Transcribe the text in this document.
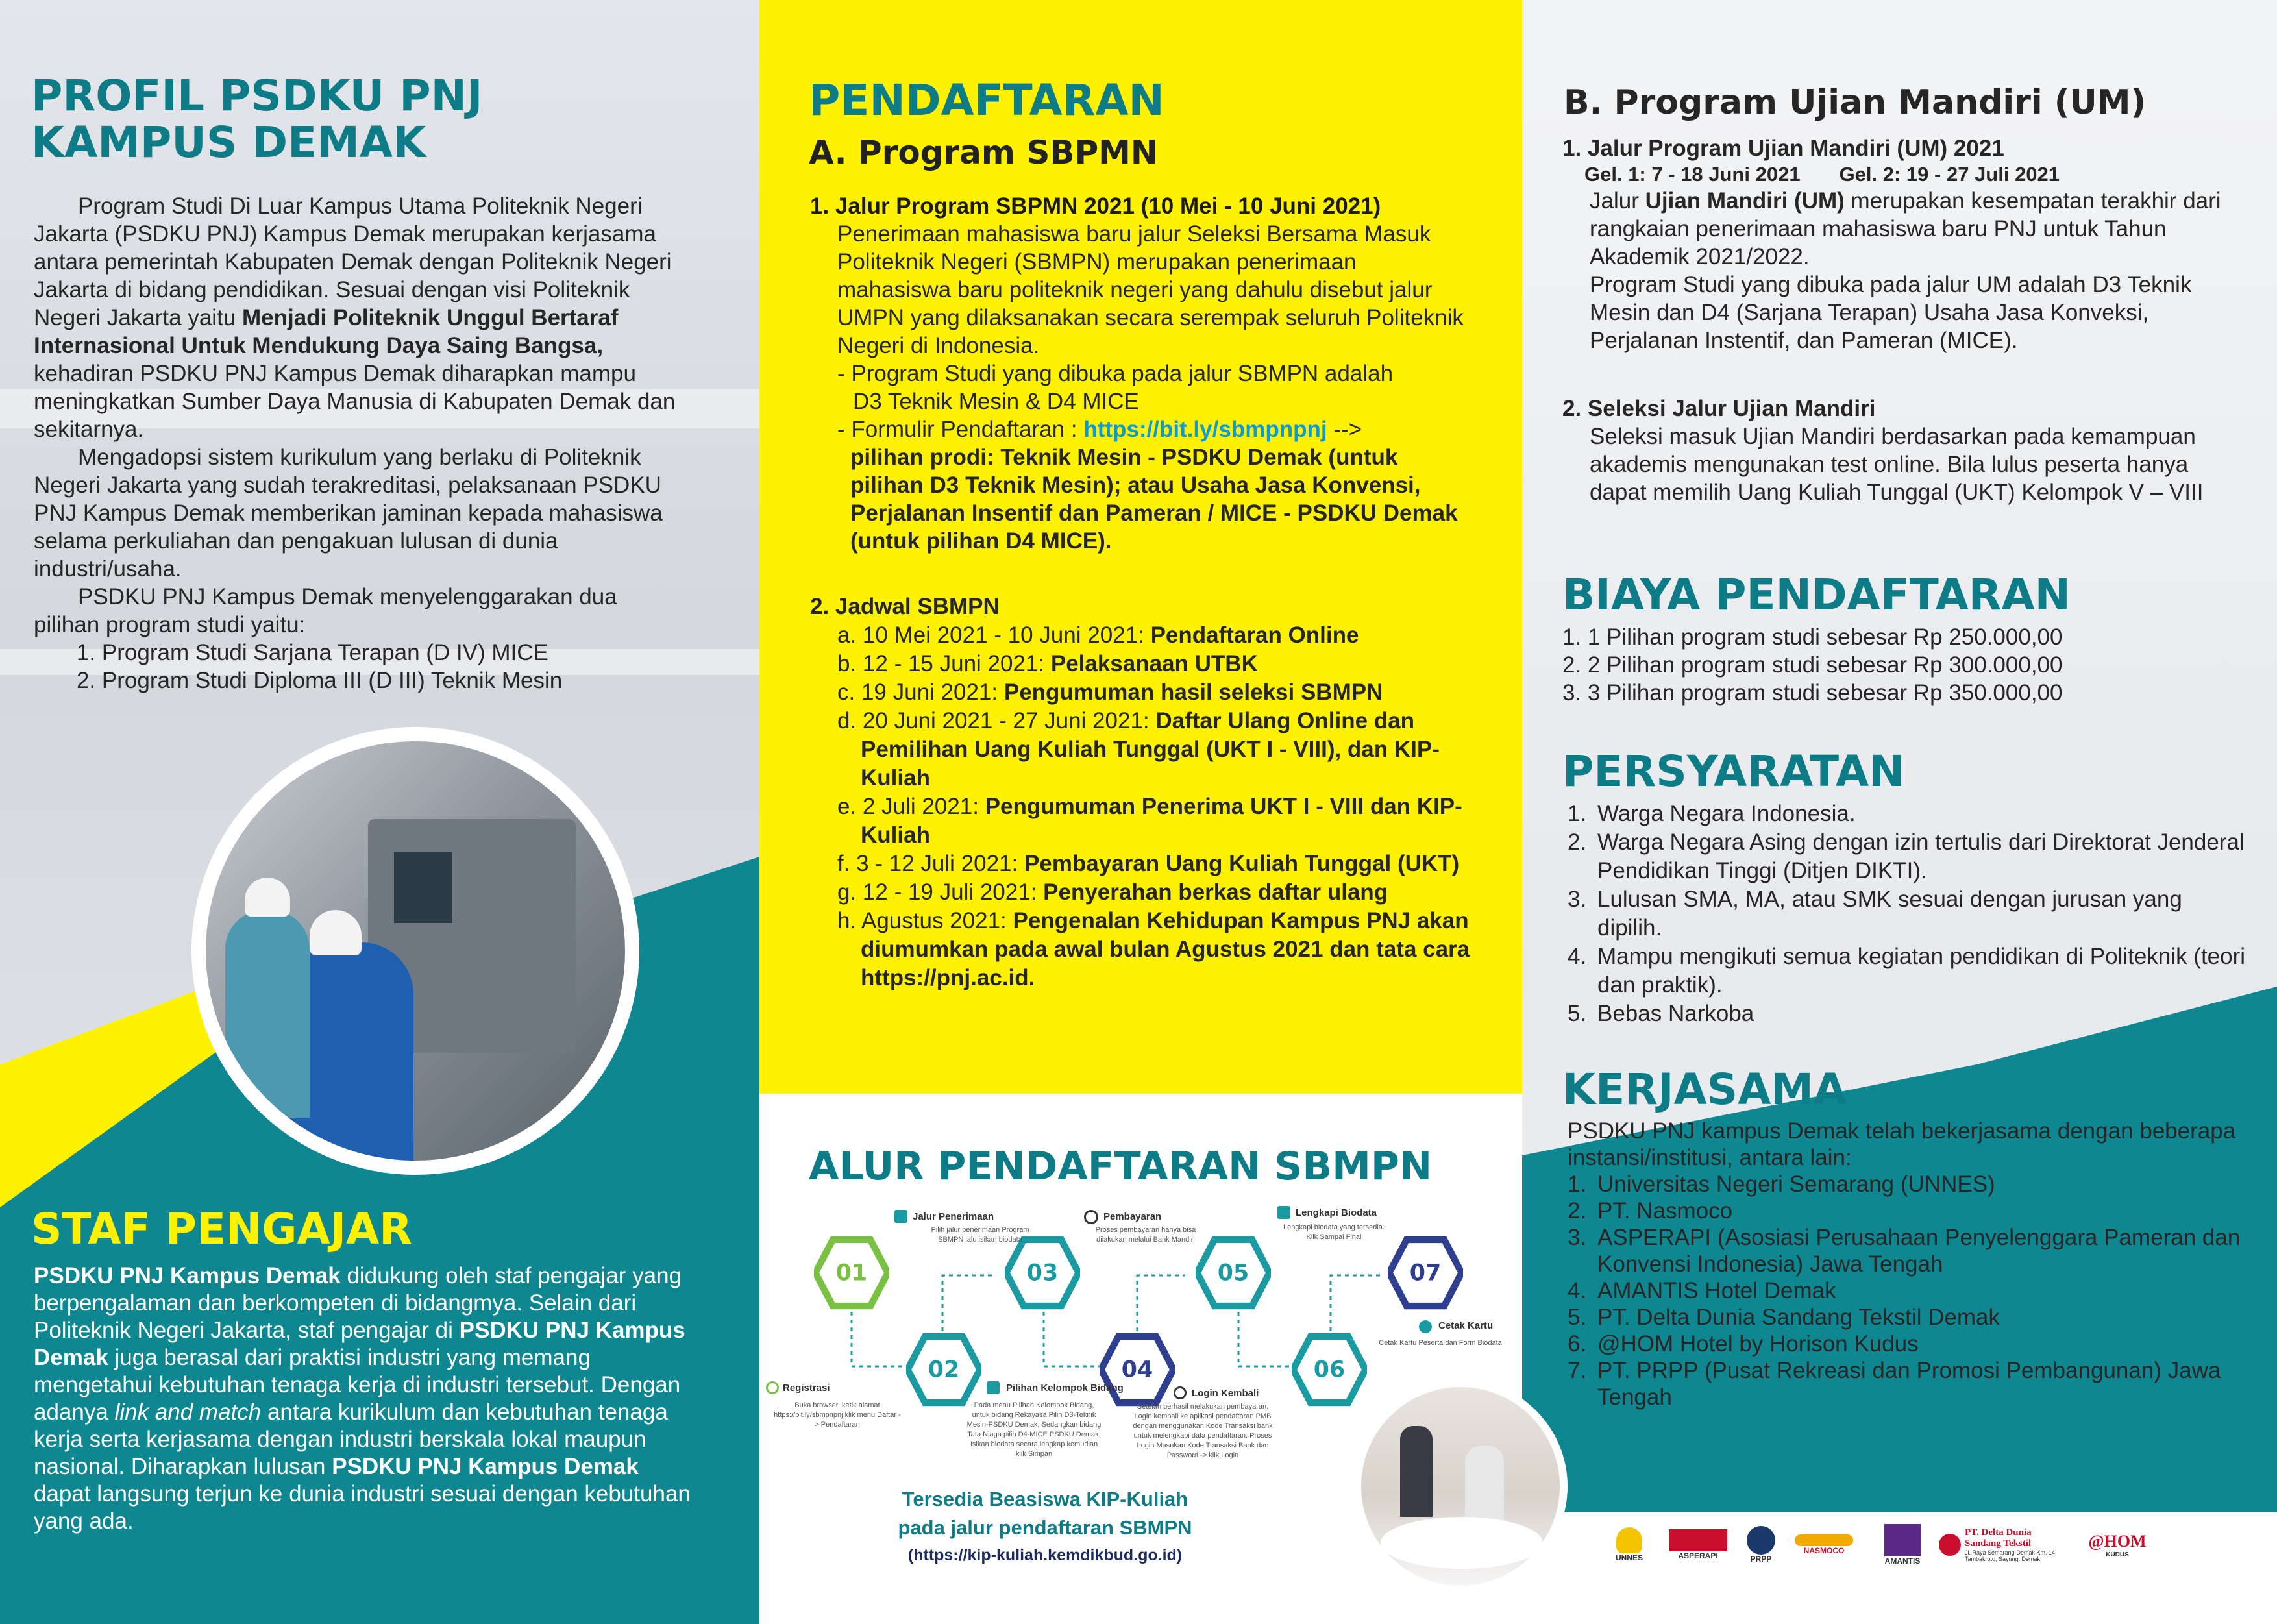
PROFIL PSDKU PNJ
KAMPUS DEMAK

Program Studi Di Luar Kampus Utama Politeknik Negeri Jakarta (PSDKU PNJ) Kampus Demak merupakan kerjasama antara pemerintah Kabupaten Demak dengan Politeknik Negeri Jakarta di bidang pendidikan. Sesuai dengan visi Politeknik Negeri Jakarta yaitu Menjadi Politeknik Unggul Bertaraf Internasional Untuk Mendukung Daya Saing Bangsa, kehadiran PSDKU PNJ Kampus Demak diharapkan mampu meningkatkan Sumber Daya Manusia di Kabupaten Demak dan sekitarnya.

Mengadopsi sistem kurikulum yang berlaku di Politeknik Negeri Jakarta yang sudah terakreditasi, pelaksanaan PSDKU PNJ Kampus Demak memberikan jaminan kepada mahasiswa selama perkuliahan dan pengakuan lulusan di dunia industri/usaha.

PSDKU PNJ Kampus Demak menyelenggarakan dua pilihan program studi yaitu:

1. Program Studi Sarjana Terapan (D IV) MICE

2. Program Studi Diploma III (D III) Teknik Mesin

STAF PENGAJAR
PSDKU PNJ Kampus Demak didukung oleh staf pengajar yang berpengalaman dan berkompeten di bidangmya. Selain dari Politeknik Negeri Jakarta, staf pengajar di PSDKU PNJ Kampus Demak juga berasal dari praktisi industri yang memang mengetahui kebutuhan tenaga kerja di industri tersebut. Dengan adanya link and match antara kurikulum dan kebutuhan tenaga kerja serta kerjasama dengan industri berskala lokal maupun nasional. Diharapkan lulusan PSDKU PNJ Kampus Demak dapat langsung terjun ke dunia industri sesuai dengan kebutuhan yang ada.
PENDAFTARAN
A. Program SBPMN

1. Jalur Program SBPMN 2021 (10 Mei - 10 Juni 2021)

Penerimaan mahasiswa baru jalur Seleksi Bersama Masuk Politeknik Negeri (SBMPN) merupakan penerimaan mahasiswa baru politeknik negeri yang dahulu disebut jalur UMPN yang dilaksanakan secara serempak seluruh Politeknik Negeri di Indonesia.

- Program Studi yang dibuka pada jalur SBMPN adalah

D3 Teknik Mesin & D4 MICE

- Formulir Pendaftaran : https://bit.ly/sbmpnpnj -->

pilihan prodi: Teknik Mesin - PSDKU Demak (untuk pilihan D3 Teknik Mesin); atau Usaha Jasa Konvensi, Perjalanan Insentif dan Pameran / MICE - PSDKU Demak (untuk pilihan D4 MICE).

2. Jadwal SBMPN

a. 10 Mei 2021 - 10 Juni 2021: Pendaftaran Online

b. 12 - 15 Juni 2021: Pelaksanaan UTBK

c. 19 Juni 2021: Pengumuman hasil seleksi SBMPN

d. 20 Juni 2021 - 27 Juni 2021: Daftar Ulang Online dan Pemilihan Uang Kuliah Tunggal (UKT I - VIII), dan KIP-Kuliah

e. 2 Juli 2021: Pengumuman Penerima UKT I - VIII dan KIP-Kuliah

f. 3 - 12 Juli 2021: Pembayaran Uang Kuliah Tunggal (UKT)

g. 12 - 19 Juli 2021: Penyerahan berkas daftar ulang

h. Agustus 2021: Pengenalan Kehidupan Kampus PNJ akan diumumkan pada awal bulan Agustus 2021 dan tata cara https://pnj.ac.id.

ALUR PENDAFTARAN SBMPN
01
02
03
04
05
06
07
Registrasi
Buka browser, ketik alamat https://bit.ly/sbmpnpnj klik menu Daftar -> Pendaftaran
Jalur Penerimaan
Pilih jalur penerimaan Program SBMPN lalu isikan biodata
Pilihan Kelompok Bidang
Pada menu Pilihan Kelompok Bidang, untuk bidang Rekayasa Pilih D3-Teknik Mesin-PSDKU Demak, Sedangkan bidang Tata Niaga pilih D4-MICE PSDKU Demak. Isikan biodata secara lengkap kemudian klik Simpan
Pembayaran
Proses pembayaran hanya bisa dilakukan melalui Bank Mandiri
Login Kembali
Setelah berhasil melakukan pembayaran, Login kembali ke aplikasi pendaftaran PMB dengan menggunakan Kode Transaksi bank untuk melengkapi data pendaftaran. Proses Login Masukan Kode Transaksi Bank dan Password -> klik Login
Lengkapi Biodata
Lengkapi biodata yang tersedia. Klik Sampai Final
Cetak Kartu
Cetak Kartu Peserta dan Form Biodata
Tersedia Beasiswa KIP-Kuliah
pada jalur pendaftaran SBMPN
(https://kip-kuliah.kemdikbud.go.id)
B. Program Ujian Mandiri (UM)

1. Jalur Program Ujian Mandiri (UM) 2021

Gel. 1: 7 - 18 Juni 2021 Gel. 2: 19 - 27 Juli 2021

Jalur Ujian Mandiri (UM) merupakan kesempatan terakhir dari rangkaian penerimaan mahasiswa baru PNJ untuk Tahun Akademik 2021/2022.

Program Studi yang dibuka pada jalur UM adalah D3 Teknik Mesin dan D4 (Sarjana Terapan) Usaha Jasa Konveksi, Perjalanan Instentif, dan Pameran (MICE).

2. Seleksi Jalur Ujian Mandiri

Seleksi masuk Ujian Mandiri berdasarkan pada kemampuan akademis mengunakan test online. Bila lulus peserta hanya dapat memilih Uang Kuliah Tunggal (UKT) Kelompok V – VIII

BIAYA PENDAFTARAN

1. 1 Pilihan program studi sebesar Rp 250.000,00

2. 2 Pilihan program studi sebesar Rp 300.000,00

3. 3 Pilihan program studi sebesar Rp 350.000,00

PERSYARATAN

1. Warga Negara Indonesia.

2. Warga Negara Asing dengan izin tertulis dari Direktorat Jenderal Pendidikan Tinggi (Ditjen DIKTI).

3. Lulusan SMA, MA, atau SMK sesuai dengan jurusan yang dipilih.

4. Mampu mengikuti semua kegiatan pendidikan di Politeknik (teori dan praktik).

5. Bebas Narkoba

KERJASAMA

PSDKU PNJ kampus Demak telah bekerjasama dengan beberapa instansi/institusi, antara lain:

1. Universitas Negeri Semarang (UNNES)

2. PT. Nasmoco

3. ASPERAPI (Asosiasi Perusahaan Penyelenggara Pameran dan Konvensi Indonesia) Jawa Tengah

4. AMANTIS Hotel Demak

5. PT. Delta Dunia Sandang Tekstil Demak

6. @HOM Hotel by Horison Kudus

7. PT. PRPP (Pusat Rekreasi dan Promosi Pembangunan) Jawa Tengah

UNNES	ASPERAPI	PRPP
NASMOCO
AMANTIS
PT. Delta Dunia Sandang Tekstil
Jl. Raya Semarang-Demak Km. 14 Tambakroto, Sayung, Demak
@HOM
KUDUS
